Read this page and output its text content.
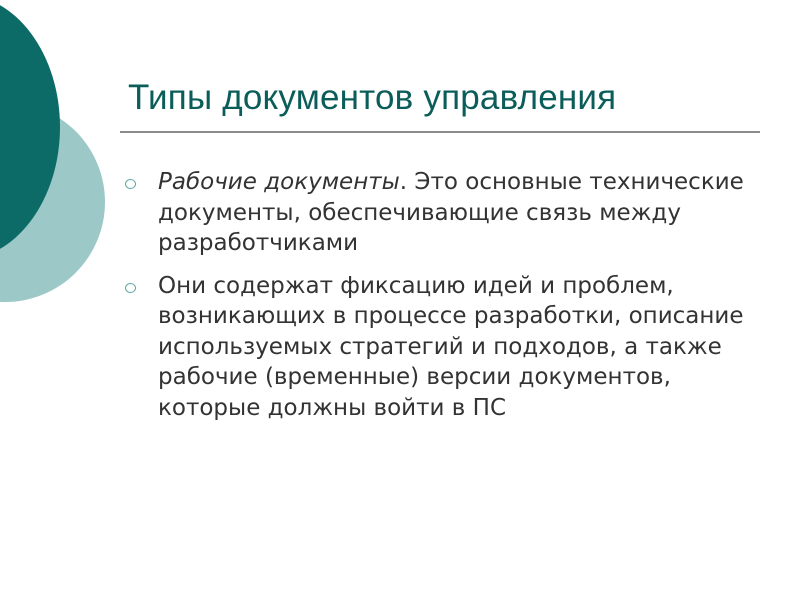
Типы документов управления
Рабочие документы. Это основные технические документы, обеспечивающие связь между разработчиками
Они содержат фиксацию идей и проблем, возникающих в процессе разработки, описание используемых стратегий и подходов, а также рабочие (временные) версии документов, которые должны войти в ПС
